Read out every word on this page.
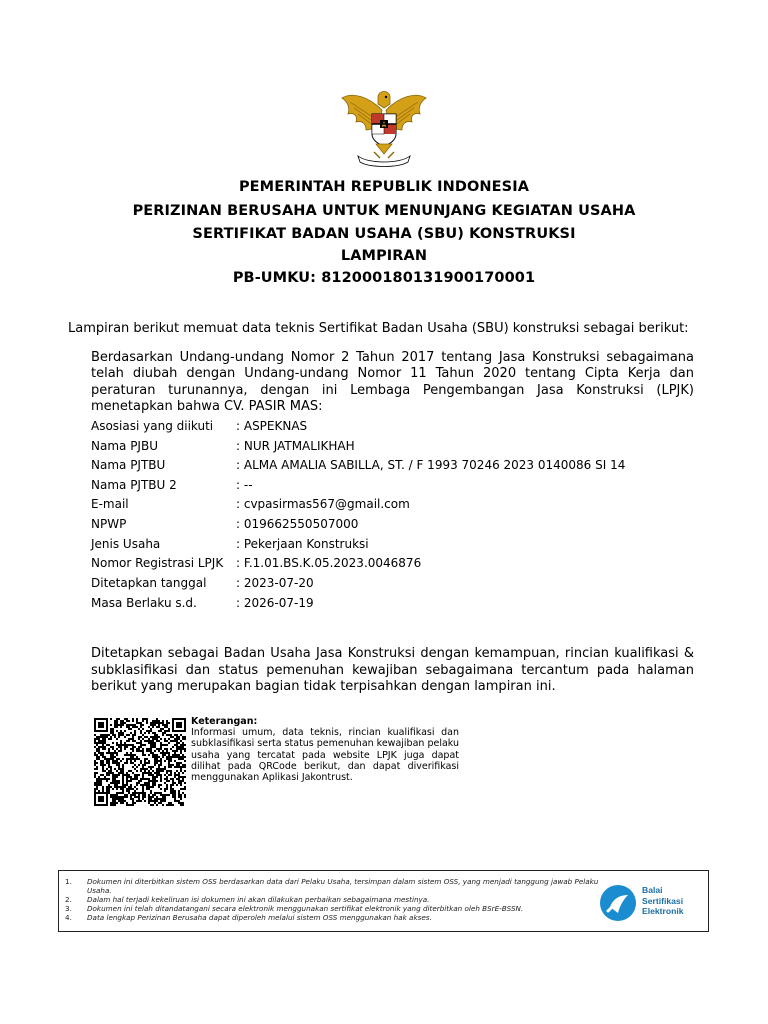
PEMERINTAH REPUBLIK INDONESIA
PERIZINAN BERUSAHA UNTUK MENUNJANG KEGIATAN USAHA
SERTIFIKAT BADAN USAHA (SBU) KONSTRUKSI
LAMPIRAN
PB-UMKU: 812000180131900170001
Lampiran berikut memuat data teknis Sertifikat Badan Usaha (SBU) konstruksi sebagai berikut:

Berdasarkan Undang-undang Nomor 2 Tahun 2017 tentang Jasa Konstruksi sebagaimana telah diubah dengan Undang-undang Nomor 11 Tahun 2020 tentang Cipta Kerja dan peraturan turunannya, dengan ini Lembaga Pengembangan Jasa Konstruksi (LPJK) menetapkan bahwa CV. PASIR MAS:

Asosiasi yang diikuti	: ASPEKNAS
Nama PJBU	: NUR JATMALIKHAH
Nama PJTBU	: ALMA AMALIA SABILLA, ST. / F 1993 70246 2023 0140086 SI 14
Nama PJTBU 2	: --
E-mail	: cvpasirmas567@gmail.com
NPWP	: 019662550507000
Jenis Usaha	: Pekerjaan Konstruksi
Nomor Registrasi LPJK	: F.1.01.BS.K.05.2023.0046876
Ditetapkan tanggal	: 2023-07-20
Masa Berlaku s.d.	: 2026-07-19
Ditetapkan sebagai Badan Usaha Jasa Konstruksi dengan kemampuan, rincian kualifikasi & subklasifikasi dan status pemenuhan kewajiban sebagaimana tercantum pada halaman berikut yang merupakan bagian tidak terpisahkan dengan lampiran ini.
Keterangan:
Informasi umum, data teknis, rincian kualifikasi dan subklasifikasi serta status pemenuhan kewajiban pelaku usaha yang tercatat pada website LPJK juga dapat dilihat pada QRCode berikut, dan dapat diverifikasi menggunakan Aplikasi Jakontrust.
1. Dokumen ini diterbitkan sistem OSS berdasarkan data dari Pelaku Usaha, tersimpan dalam sistem OSS, yang menjadi tanggung jawab Pelaku Usaha.
2. Dalam hal terjadi kekeliruan isi dokumen ini akan dilakukan perbaikan sebagaimana mestinya.
3. Dokumen ini telah ditandatangani secara elektronik menggunakan sertifikat elektronik yang diterbitkan oleh BSrE-BSSN.
4. Data lengkap Perizinan Berusaha dapat diperoleh melalui sistem OSS menggunakan hak akses.
Balai
Sertifikasi
Elektronik
